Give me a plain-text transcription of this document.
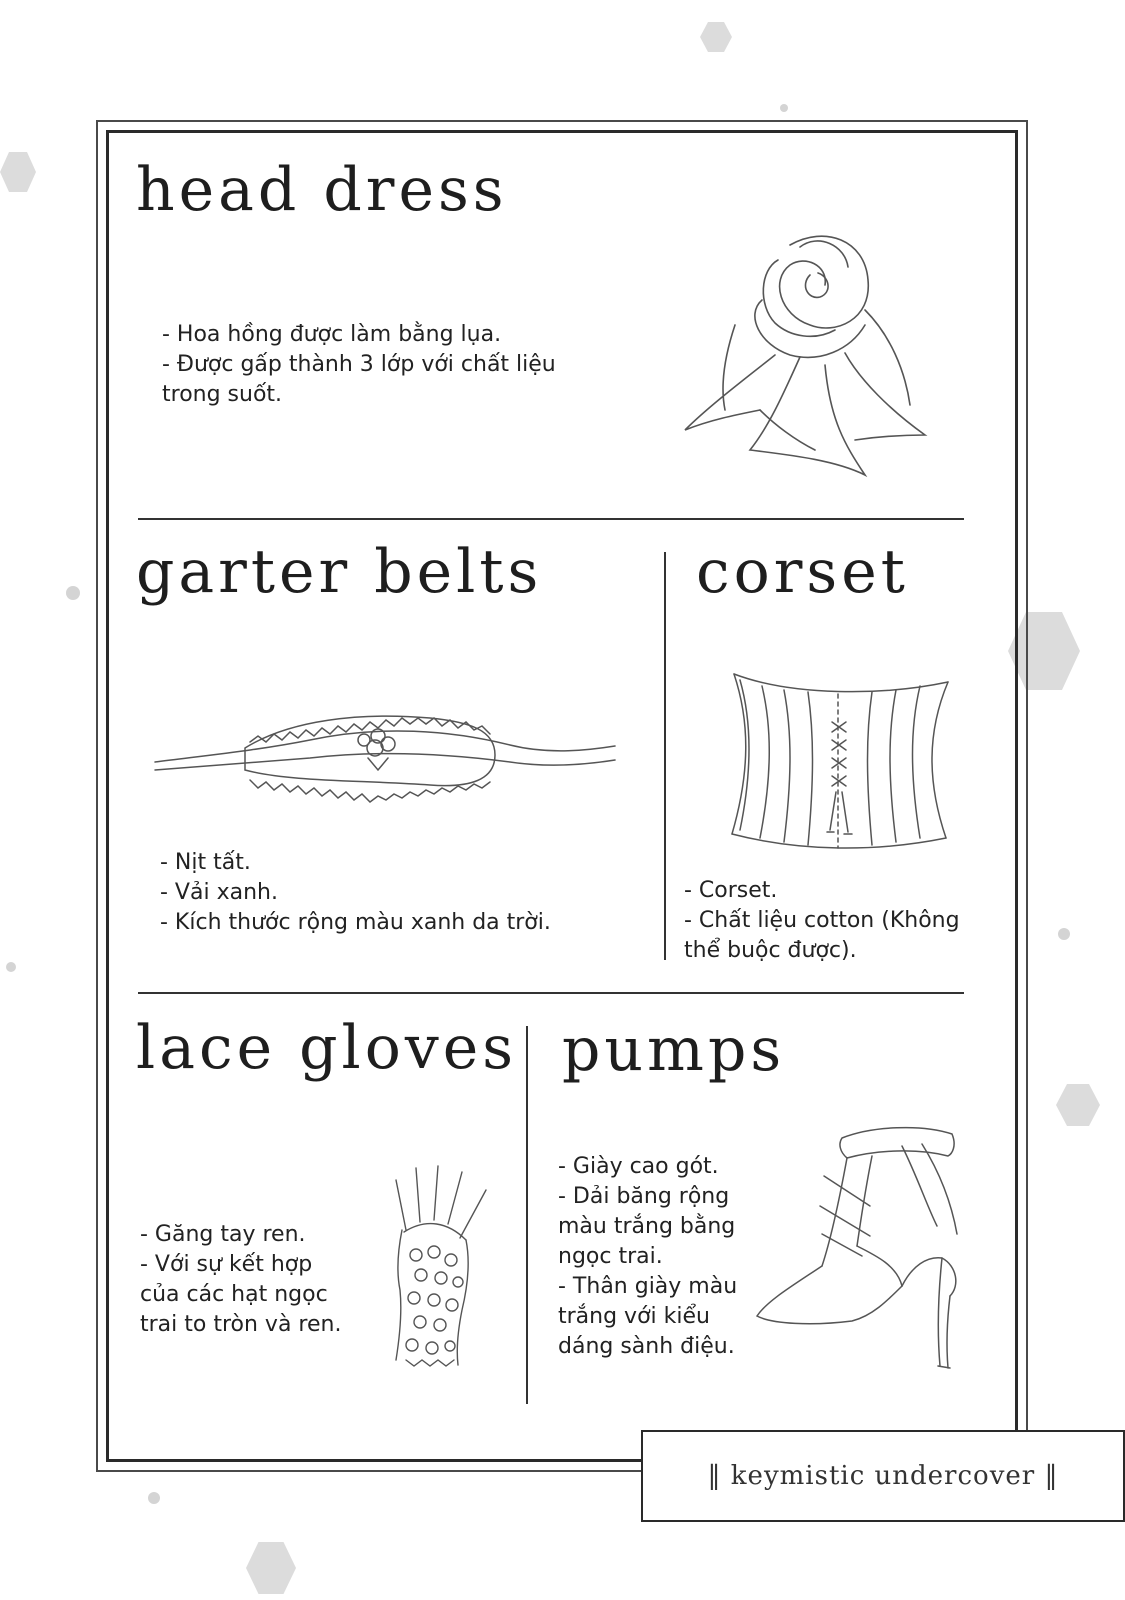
head dress
- Hoa hồng được làm bằng lụa.
- Được gấp thành 3 lớp với chất liệu
trong suốt.
garter belts
- Nịt tất.
- Vải xanh.
- Kích thước rộng màu xanh da trời.
corset
- Corset.
- Chất liệu cotton (Không
thể buộc được).
lace gloves
- Găng tay ren.
- Với sự kết hợp
của các hạt ngọc
trai to tròn và ren.
pumps
- Giày cao gót.
- Dải băng rộng
màu trắng bằng
ngọc trai.
- Thân giày màu
trắng với kiểu
dáng sành điệu.
‖ keymistic undercover ‖
